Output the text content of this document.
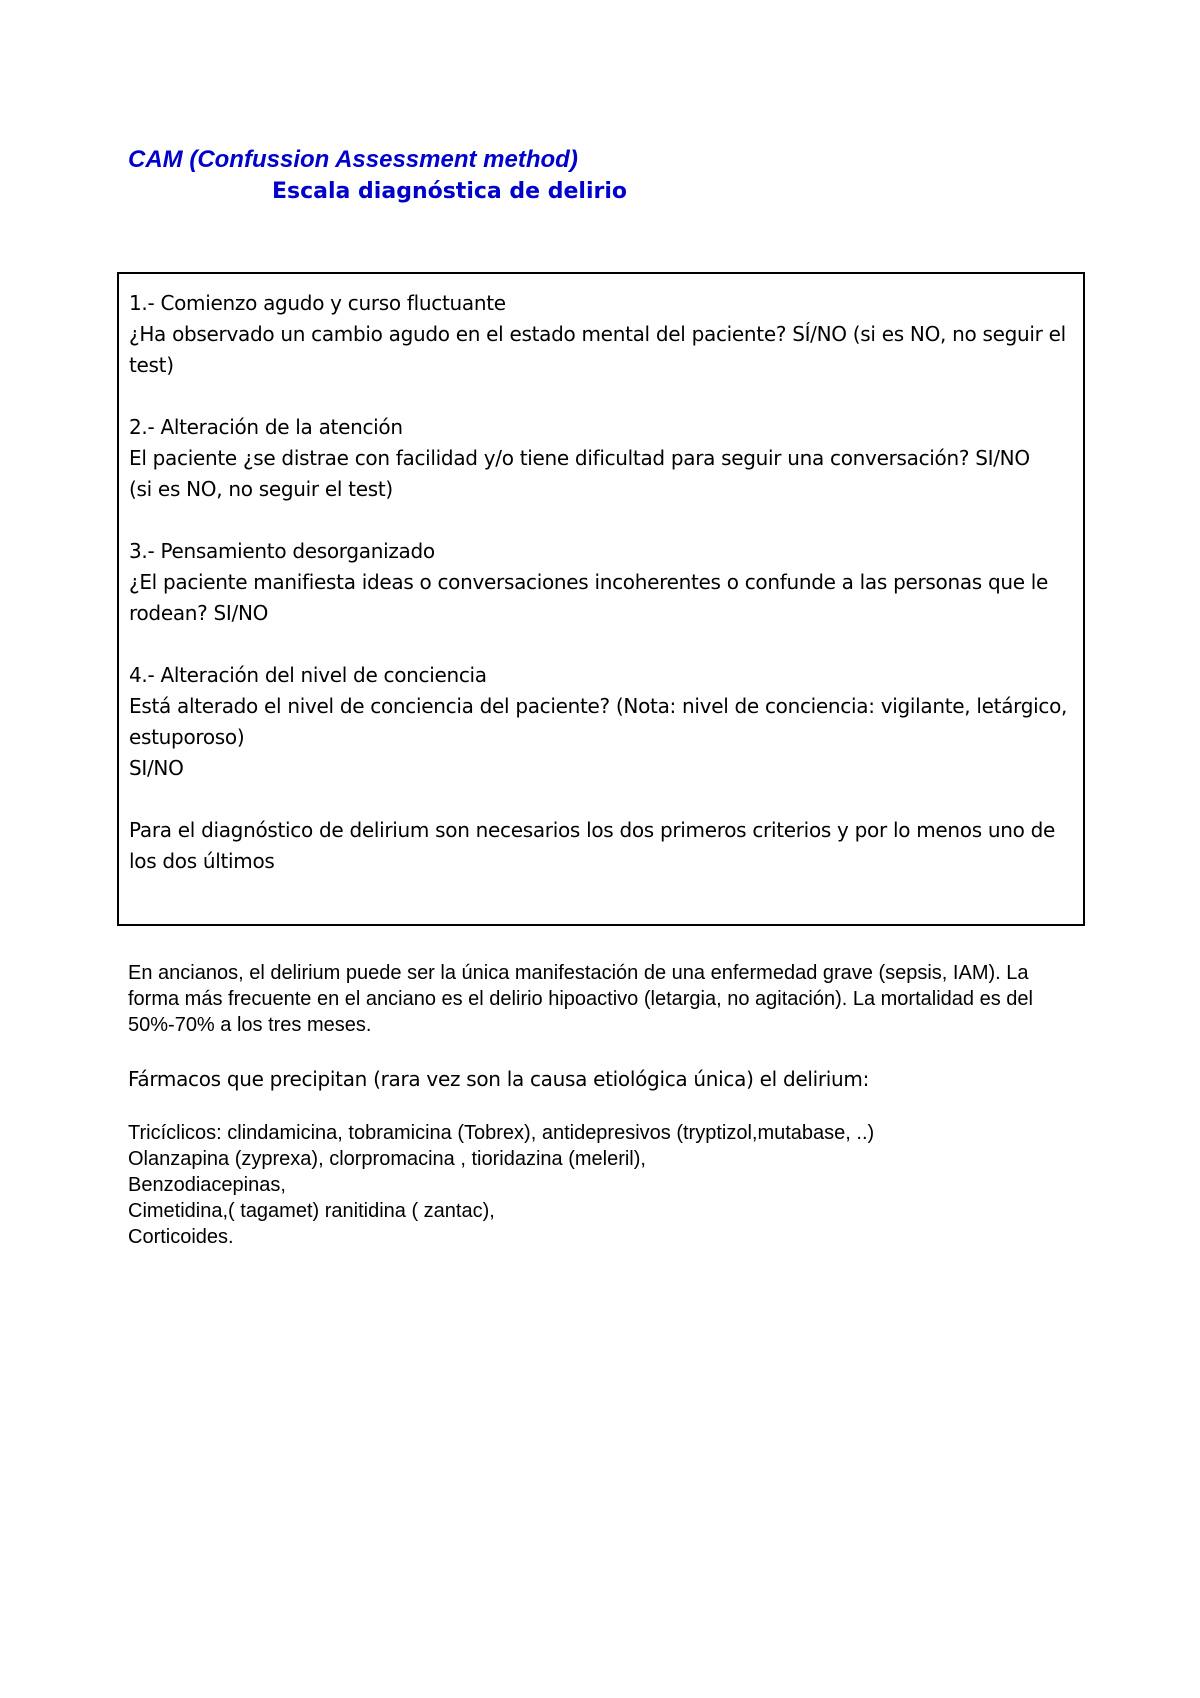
CAM (Confussion Assessment method)
Escala diagnóstica de delirio

1.- Comienzo agudo y curso fluctuante

¿Ha observado un cambio agudo en el estado mental del paciente? SÍ/NO (si es NO, no seguir el test)

2.- Alteración de la atención

El paciente ¿se distrae con facilidad y/o tiene dificultad para seguir una conversación? SI/NO

(si es NO, no seguir el test)

3.- Pensamiento desorganizado

¿El paciente manifiesta ideas o conversaciones incoherentes o confunde a las personas que le rodean? SI/NO

4.- Alteración del nivel de conciencia

Está alterado el nivel de conciencia del paciente? (Nota: nivel de conciencia: vigilante, letárgico, estuporoso)

SI/NO

Para el diagnóstico de delirium son necesarios los dos primeros criterios y por lo menos uno de los dos últimos

En ancianos, el delirium puede ser la única manifestación de una enfermedad grave (sepsis, IAM). La forma más frecuente en el anciano es el delirio hipoactivo (letargia, no agitación). La mortalidad es del 50%-70% a los tres meses.
Fármacos que precipitan (rara vez son la causa etiológica única) el delirium:
Tricíclicos: clindamicina, tobramicina (Tobrex), antidepresivos (tryptizol,mutabase, ..)
Olanzapina (zyprexa), clorpromacina , tioridazina (meleril),
Benzodiacepinas,
Cimetidina,( tagamet) ranitidina ( zantac),
Corticoides.
